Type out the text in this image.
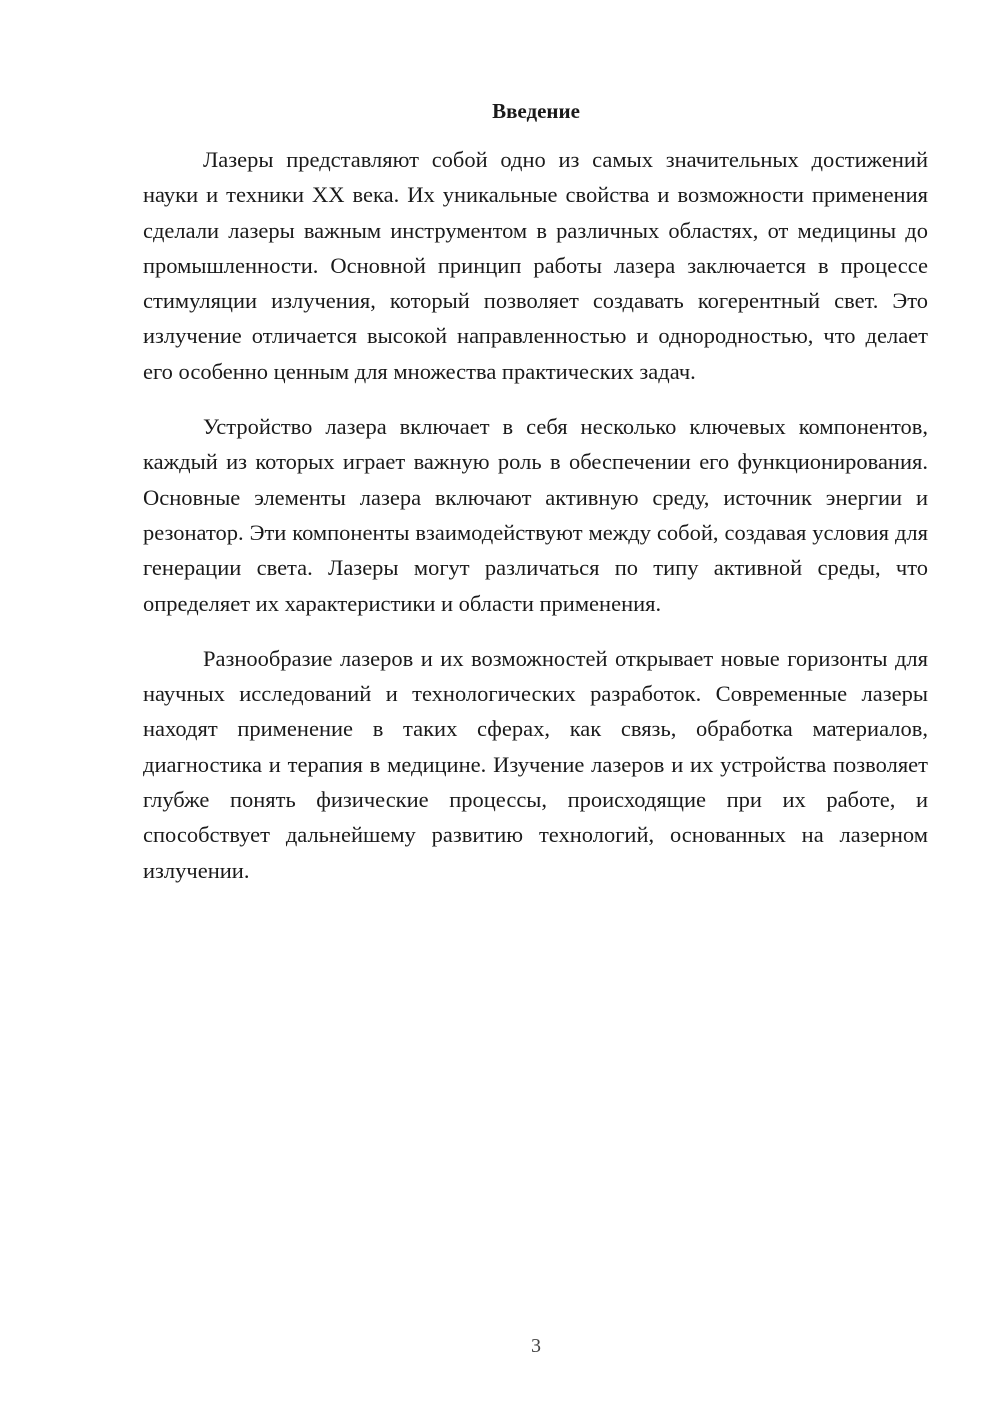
Введение

Лазеры представляют собой одно из самых значительных достижений науки и техники XX века. Их уникальные свойства и возможности применения сделали лазеры важным инструментом в различных областях, от медицины до промышленности. Основной принцип работы лазера заключается в процессе стимуляции излучения, который позволяет создавать когерентный свет. Это излучение отличается высокой направленностью и однородностью, что делает его особенно ценным для множества практических задач.

Устройство лазера включает в себя несколько ключевых компонентов, каждый из которых играет важную роль в обеспечении его функционирования. Основные элементы лазера включают активную среду, источник энергии и резонатор. Эти компоненты взаимодействуют между собой, создавая условия для генерации света. Лазеры могут различаться по типу активной среды, что определяет их характеристики и области применения.

Разнообразие лазеров и их возможностей открывает новые горизонты для научных исследований и технологических разработок. Современные лазеры находят применение в таких сферах, как связь, обработка материалов, диагностика и терапия в медицине. Изучение лазеров и их устройства позволяет глубже понять физические процессы, происходящие при их работе, и способствует дальнейшему развитию технологий, основанных на лазерном излучении.

3
